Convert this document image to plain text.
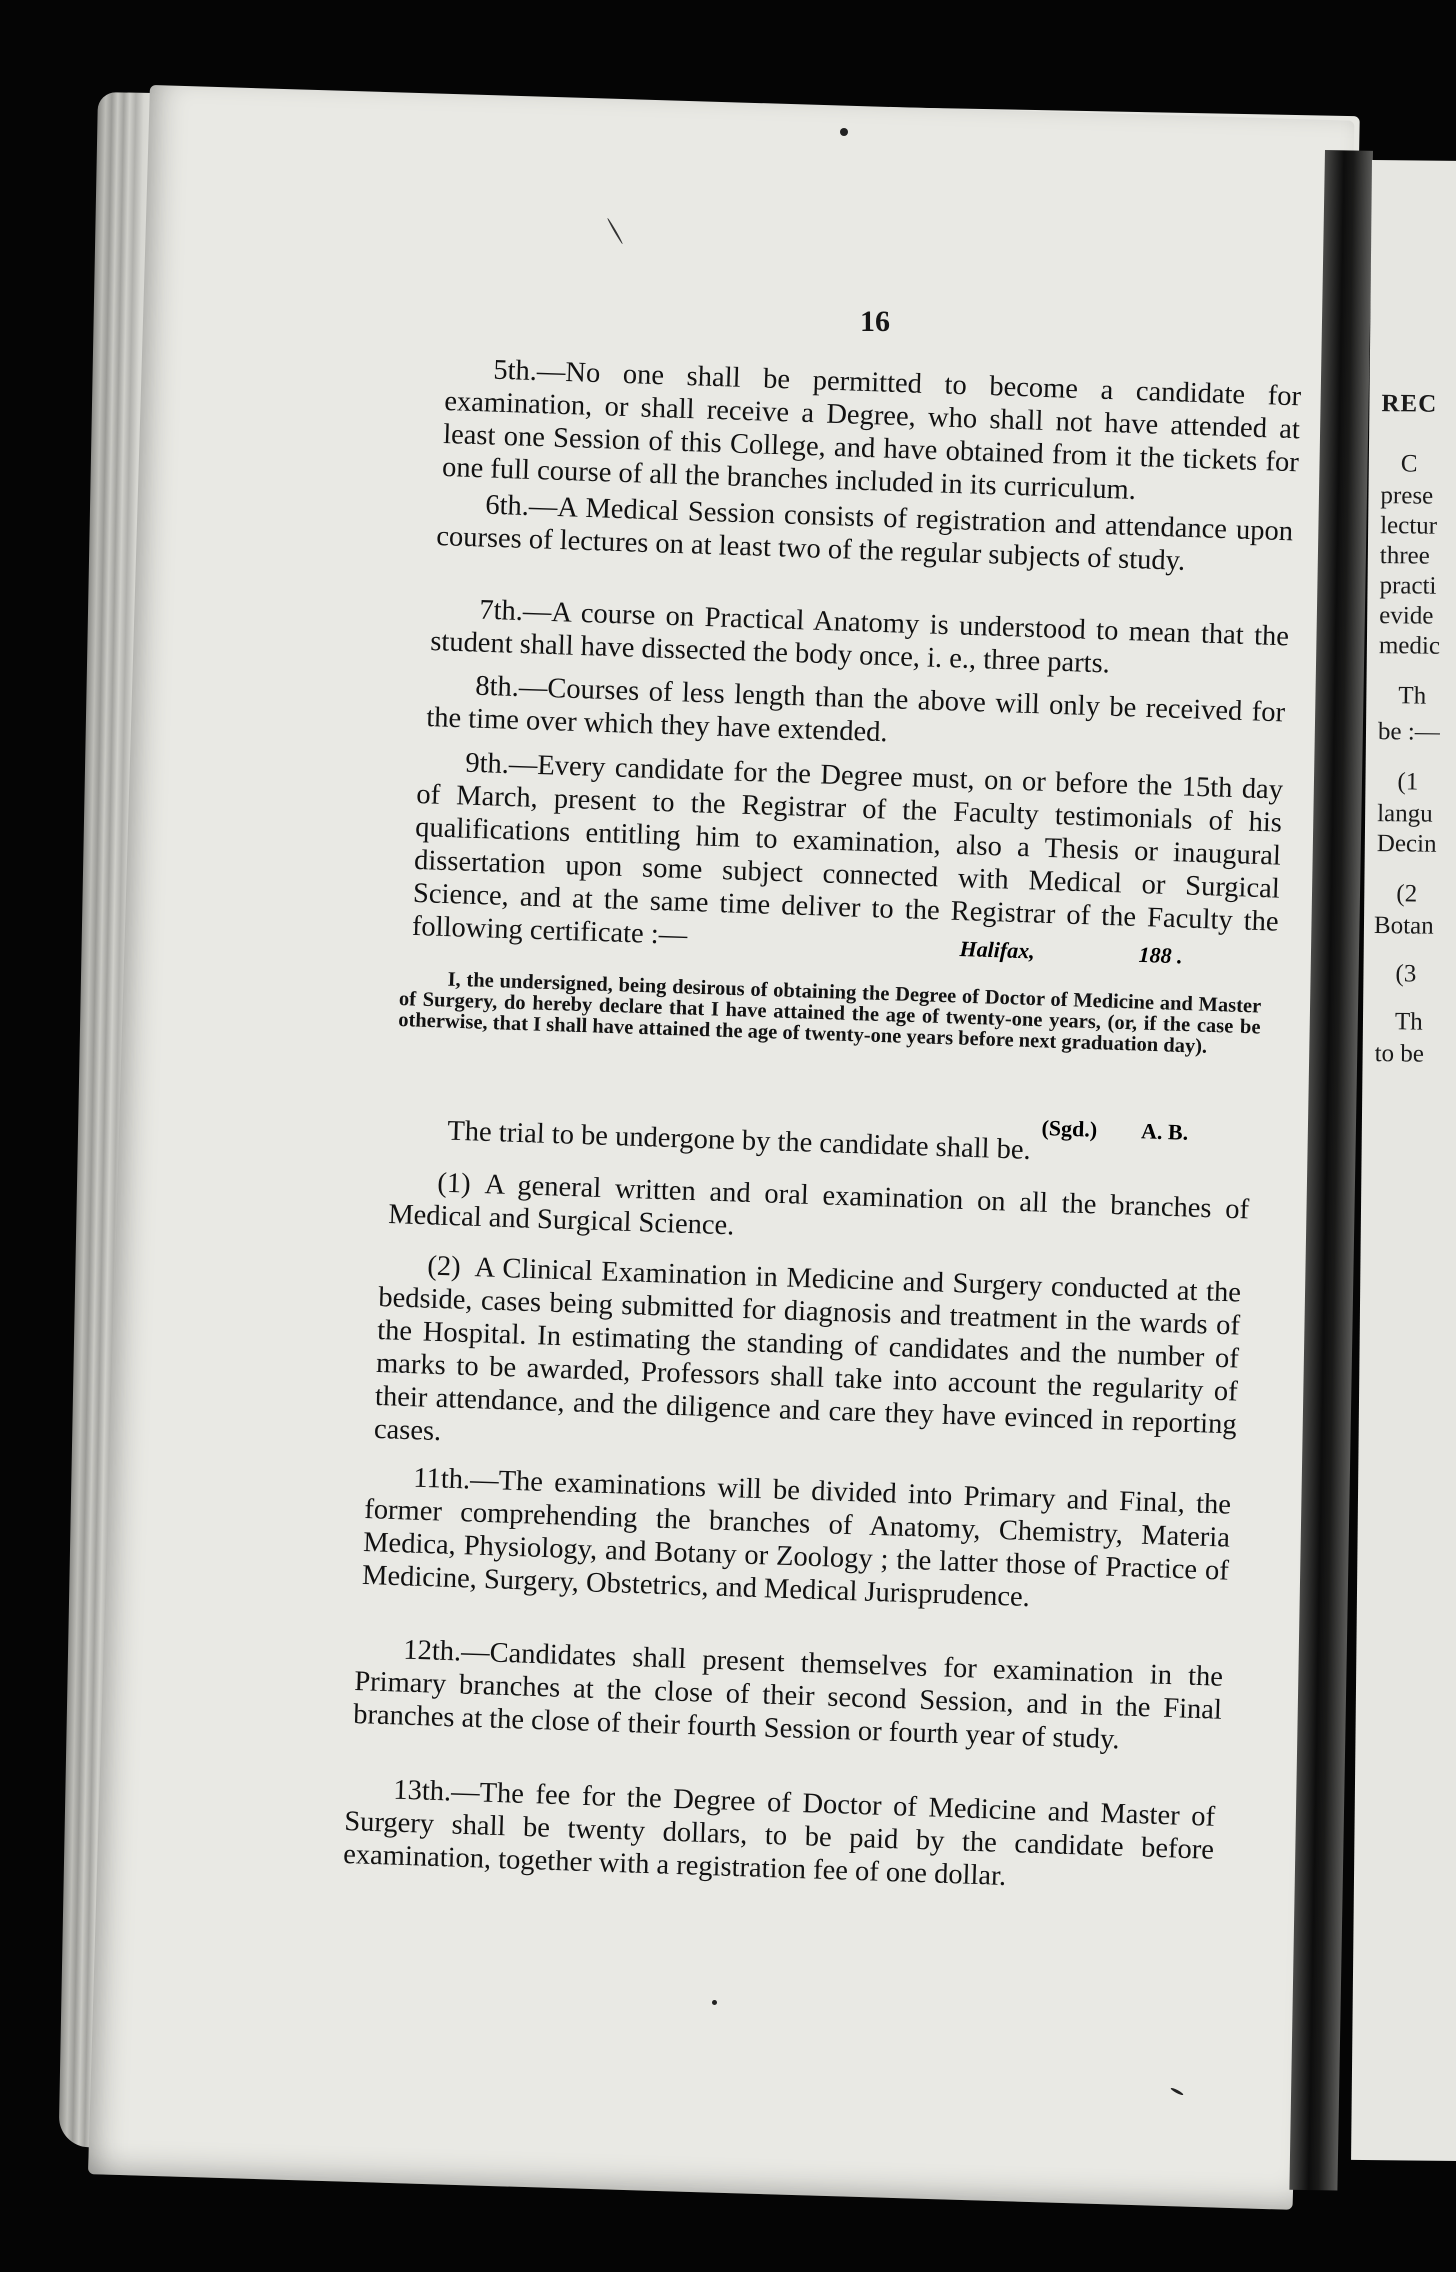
REC
C
prese
lectur
three
practi
evide
medic
Th
be :—
(1
langu
Decin
(2
Botan
(3
Th
to be
16
5th.—No one shall be permitted to become a candidate for examination, or shall receive a Degree, who shall not have attended at least one Session of this College, and have obtained from it the tickets for one full course of all the branches included in its curriculum.
6th.—A Medical Session consists of registration and attendance upon courses of lectures on at least two of the regular subjects of study.
7th.—A course on Practical Anatomy is understood to mean that the student shall have dissected the body once, i. e., three parts.
8th.—Courses of less length than the above will only be received for the time over which they have extended.
9th.—Every candidate for the Degree must, on or before the 15th day of March, present to the Registrar of the Faculty testimonials of his qualifications entitling him to examination, also a Thesis or inaugural dissertation upon some subject connected with Medical or Surgical Science, and at the same time deliver to the Registrar of the Faculty the following certificate :—	Halifax,	188 .
I, the undersigned, being desirous of obtaining the Degree of Doctor of Medicine and Master of Surgery, do hereby declare that I have attained the age of twenty-one years, (or, if the case be otherwise, that I shall have attained the age of twenty-one years before next graduation day).
(Sgd.) A. B.
The trial to be undergone by the candidate shall be.
(1) A general written and oral examination on all the branches of Medical and Surgical Science.
(2) A Clinical Examination in Medicine and Surgery conducted at the bedside, cases being submitted for diagnosis and treatment in the wards of the Hospital. In estimating the standing of candidates and the number of marks to be awarded, Professors shall take into account the regularity of their attendance, and the diligence and care they have evinced in reporting cases.
11th.—The examinations will be divided into Primary and Final, the former comprehending the branches of Anatomy, Chemistry, Materia Medica, Physiology, and Botany or Zoology ; the latter those of Practice of Medicine, Surgery, Obstetrics, and Medical Jurisprudence.
12th.—Candidates shall present themselves for examination in the Primary branches at the close of their second Session, and in the Final branches at the close of their fourth Session or fourth year of study.
13th.—The fee for the Degree of Doctor of Medicine and Master of Surgery shall be twenty dollars, to be paid by the candidate before examination, together with a registration fee of one dollar.
